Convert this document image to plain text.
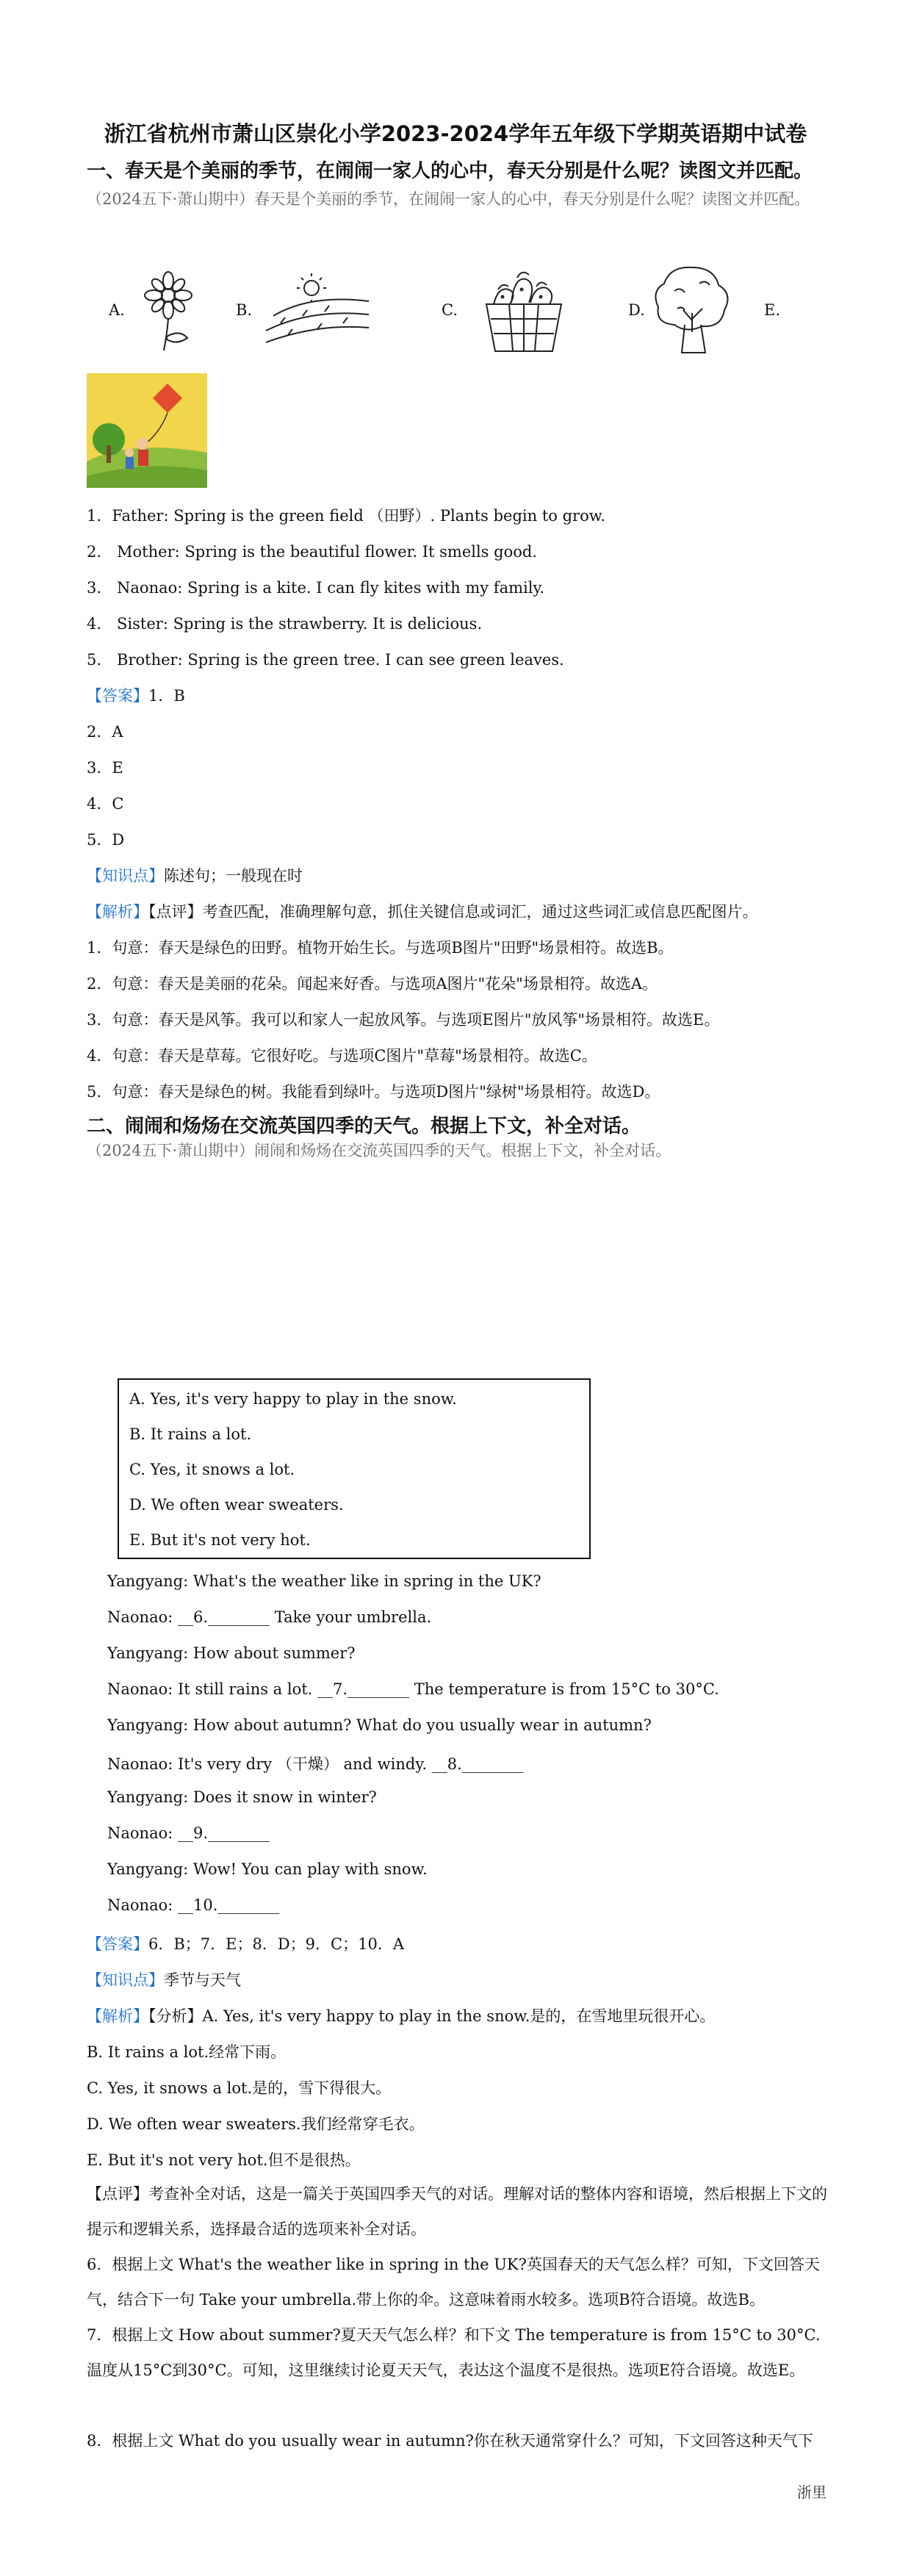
浙江省杭州市萧山区崇化小学2023-2024学年五年级下学期英语期中试卷
一、春天是个美丽的季节，在闹闹一家人的心中，春天分别是什么呢？读图文并匹配。
（2024五下·萧山期中）春天是个美丽的季节，在闹闹一家人的心中，春天分别是什么呢？读图文并匹配。
A.	B.	C.	D.	E.
1．Father: Spring is the green field （田野）. Plants begin to grow.
2． Mother: Spring is the beautiful flower. It smells good.
3． Naonao: Spring is a kite. I can fly kites with my family.
4． Sister: Spring is the strawberry. It is delicious.
5． Brother: Spring is the green tree. I can see green leaves.
【答案】1．B
2．A
3．E
4．C
5．D
【知识点】陈述句；一般现在时
【解析】【点评】考查匹配，准确理解句意，抓住关键信息或词汇，通过这些词汇或信息匹配图片。
1．句意：春天是绿色的田野。植物开始生长。与选项B图片"田野"场景相符。故选B。
2．句意：春天是美丽的花朵。闻起来好香。与选项A图片"花朵"场景相符。故选A。
3．句意：春天是风筝。我可以和家人一起放风筝。与选项E图片"放风筝"场景相符。故选E。
4．句意：春天是草莓。它很好吃。与选项C图片"草莓"场景相符。故选C。
5．句意：春天是绿色的树。我能看到绿叶。与选项D图片"绿树"场景相符。故选D。
二、闹闹和炀炀在交流英国四季的天气。根据上下文，补全对话。
（2024五下·萧山期中）闹闹和炀炀在交流英国四季的天气。根据上下文，补全对话。
A. Yes, it's very happy to play in the snow.
B. It rains a lot.
C. Yes, it snows a lot.
D. We often wear sweaters.
E. But it's not very hot.
Yangyang: What's the weather like in spring in the UK?
Naonao: __6.________ Take your umbrella.
Yangyang: How about summer?
Naonao: It still rains a lot. __7.________ The temperature is from 15°C to 30°C.
Yangyang: How about autumn? What do you usually wear in autumn?
Naonao: It's very dry （干燥） and windy. __8.________
Yangyang: Does it snow in winter?
Naonao: __9.________
Yangyang: Wow! You can play with snow.
Naonao: __10.________
【答案】6．B；7．E；8．D；9．C；10．A
【知识点】季节与天气
【解析】【分析】A. Yes, it's very happy to play in the snow.是的，在雪地里玩很开心。
B. It rains a lot.经常下雨。
C. Yes, it snows a lot.是的，雪下得很大。
D. We often wear sweaters.我们经常穿毛衣。
E. But it's not very hot.但不是很热。
【点评】考查补全对话，这是一篇关于英国四季天气的对话。理解对话的整体内容和语境，然后根据上下文的提示和逻辑关系，选择最合适的选项来补全对话。
6．根据上文 What's the weather like in spring in the UK?英国春天的天气怎么样？可知，下文回答天气，结合下一句 Take your umbrella.带上你的伞。这意味着雨水较多。选项B符合语境。故选B。
7．根据上文 How about summer?夏天天气怎么样？和下文 The temperature is from 15°C to 30°C. 温度从15°C到30°C。可知，这里继续讨论夏天天气，表达这个温度不是很热。选项E符合语境。故选E。
8．根据上文 What do you usually wear in autumn?你在秋天通常穿什么？可知，下文回答这种天气下
浙里
